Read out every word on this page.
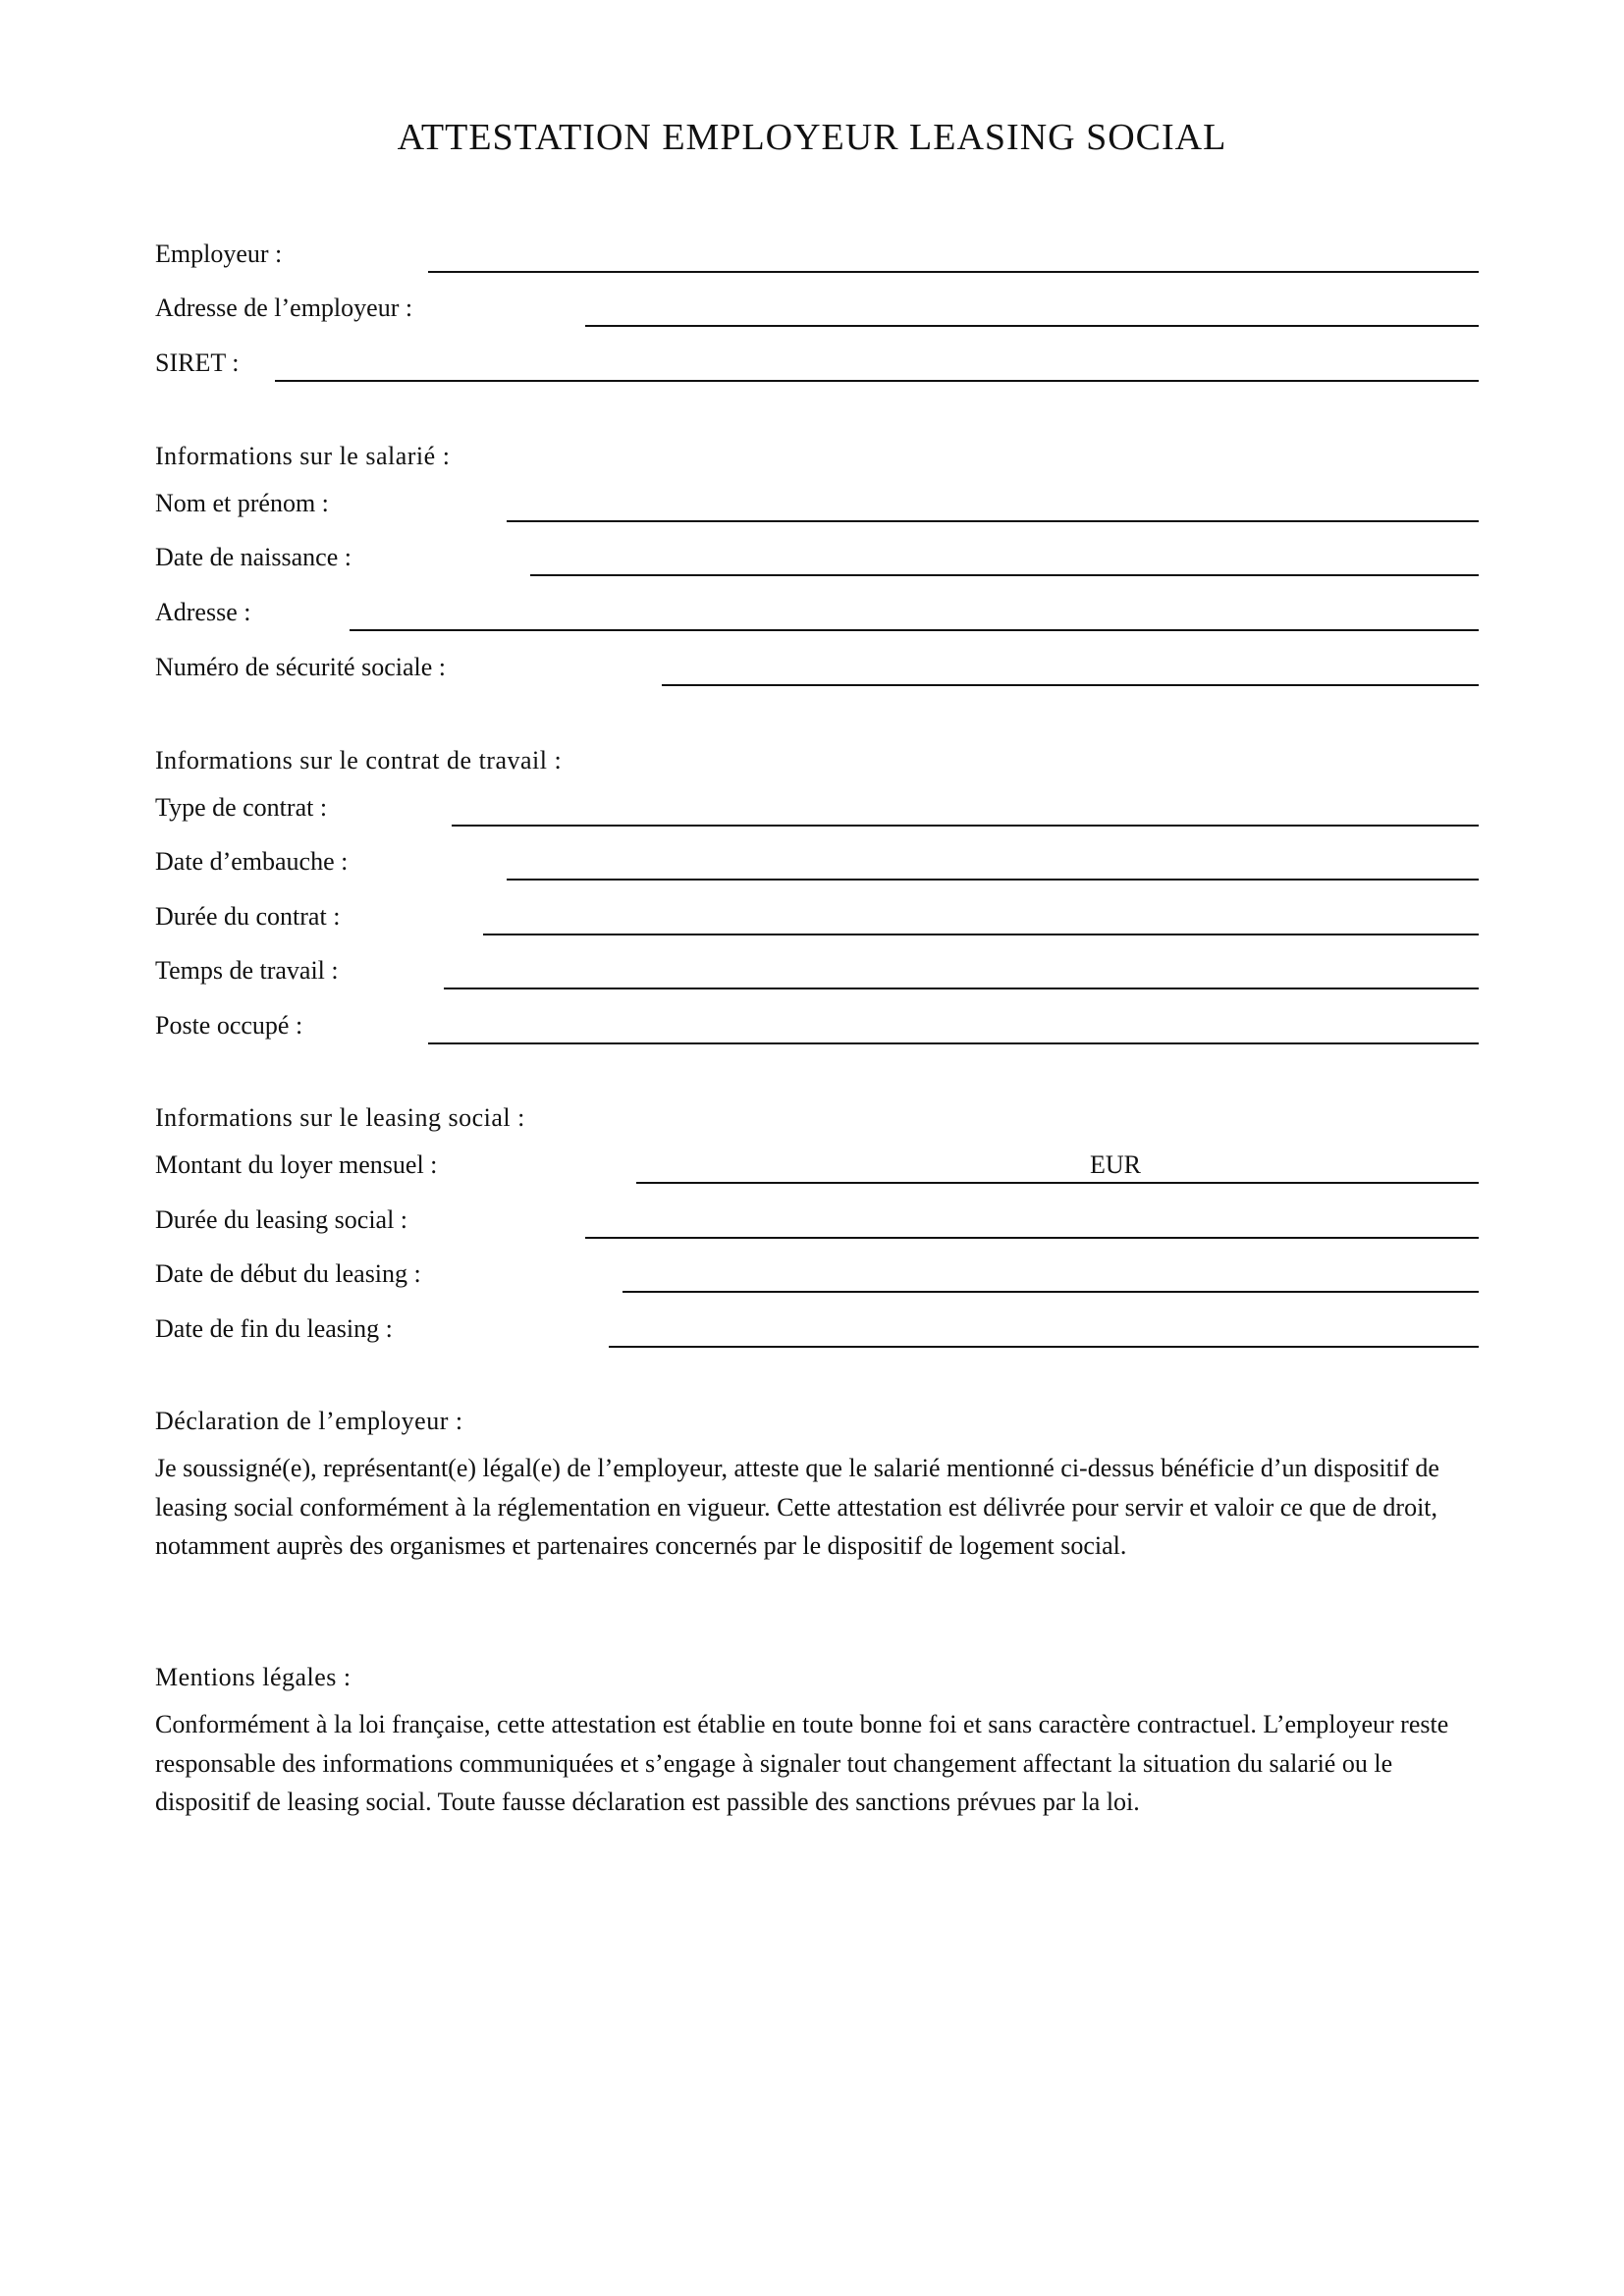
ATTESTATION EMPLOYEUR LEASING SOCIAL
Employeur :
Adresse de l’employeur :
SIRET :
Informations sur le salarié :
Nom et prénom :
Date de naissance :
Adresse :
Numéro de sécurité sociale :
Informations sur le contrat de travail :
Type de contrat :
Date d’embauche :
Durée du contrat :
Temps de travail :
Poste occupé :
Informations sur le leasing social :
Montant du loyer mensuel :	EUR
Durée du leasing social :
Date de début du leasing :
Date de fin du leasing :
Déclaration de l’employeur :

Je soussigné(e), représentant(e) légal(e) de l’employeur, atteste que le salarié mentionné ci-dessus bénéficie d’un dispositif de leasing social conformément à la réglementation en vigueur. Cette attestation est délivrée pour servir et valoir ce que de droit, notamment auprès des organismes et partenaires concernés par le dispositif de logement social.

Mentions légales :

Conformément à la loi française, cette attestation est établie en toute bonne foi et sans caractère contractuel. L’employeur reste responsable des informations communiquées et s’engage à signaler tout changement affectant la situation du salarié ou le dispositif de leasing social. Toute fausse déclaration est passible des sanctions prévues par la loi.
